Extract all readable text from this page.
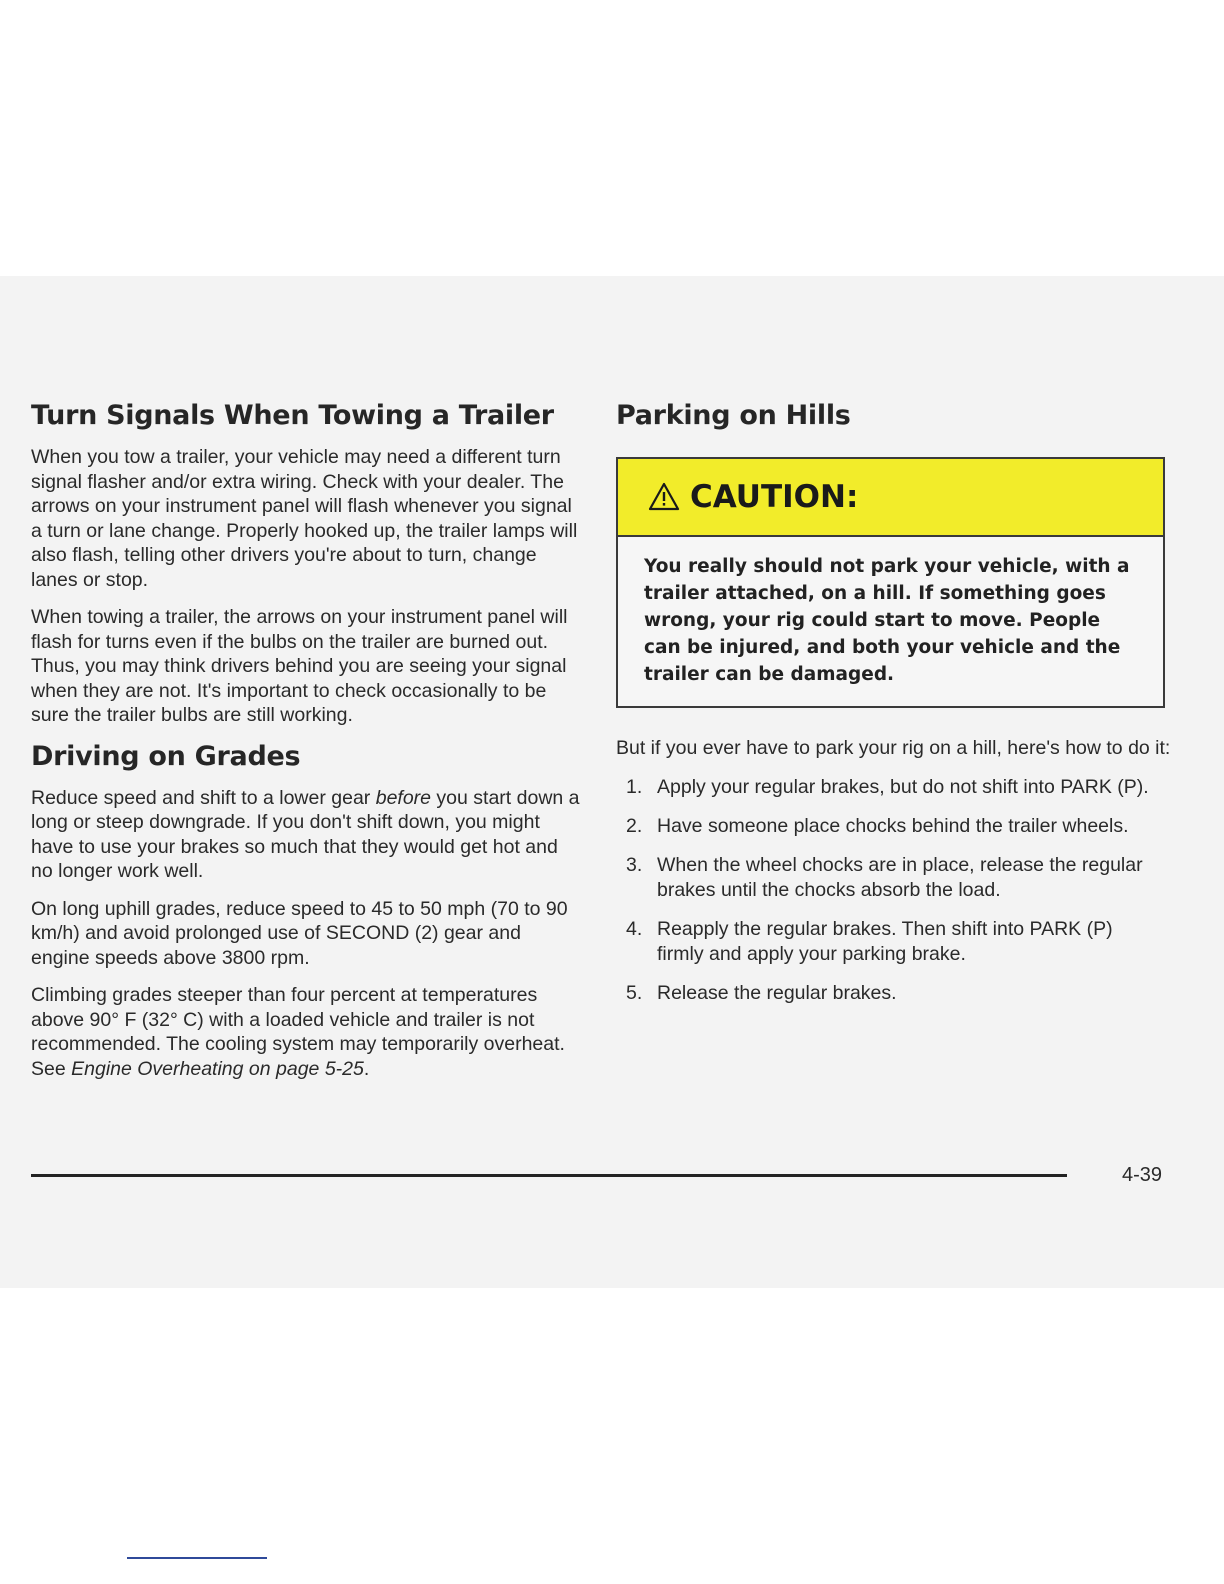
Turn Signals When Towing a Trailer

When you tow a trailer, your vehicle may need a different turn signal flasher and/or extra wiring. Check with your dealer. The arrows on your instrument panel will flash whenever you signal a turn or lane change. Properly hooked up, the trailer lamps will also flash, telling other drivers you're about to turn, change lanes or stop.

When towing a trailer, the arrows on your instrument panel will flash for turns even if the bulbs on the trailer are burned out. Thus, you may think drivers behind you are seeing your signal when they are not. It's important to check occasionally to be sure the trailer bulbs are still working.

Driving on Grades

Reduce speed and shift to a lower gear before you start down a long or steep downgrade. If you don't shift down, you might have to use your brakes so much that they would get hot and no longer work well.

On long uphill grades, reduce speed to 45 to 50 mph (70 to 90 km/h) and avoid prolonged use of SECOND (2) gear and engine speeds above 3800 rpm.

Climbing grades steeper than four percent at temperatures above 90° F (32° C) with a loaded vehicle and trailer is not recommended. The cooling system may temporarily overheat. See Engine Overheating on page 5-25.

Parking on Hills
CAUTION:
You really should not park your vehicle, with a trailer attached, on a hill. If something goes wrong, your rig could start to move. People can be injured, and both your vehicle and the trailer can be damaged.

But if you ever have to park your rig on a hill, here's how to do it:

1. Apply your regular brakes, but do not shift into PARK (P).
2. Have someone place chocks behind the trailer wheels.
3. When the wheel chocks are in place, release the regular brakes until the chocks absorb the load.
4. Reapply the regular brakes. Then shift into PARK (P) firmly and apply your parking brake.
5. Release the regular brakes.
4-39
